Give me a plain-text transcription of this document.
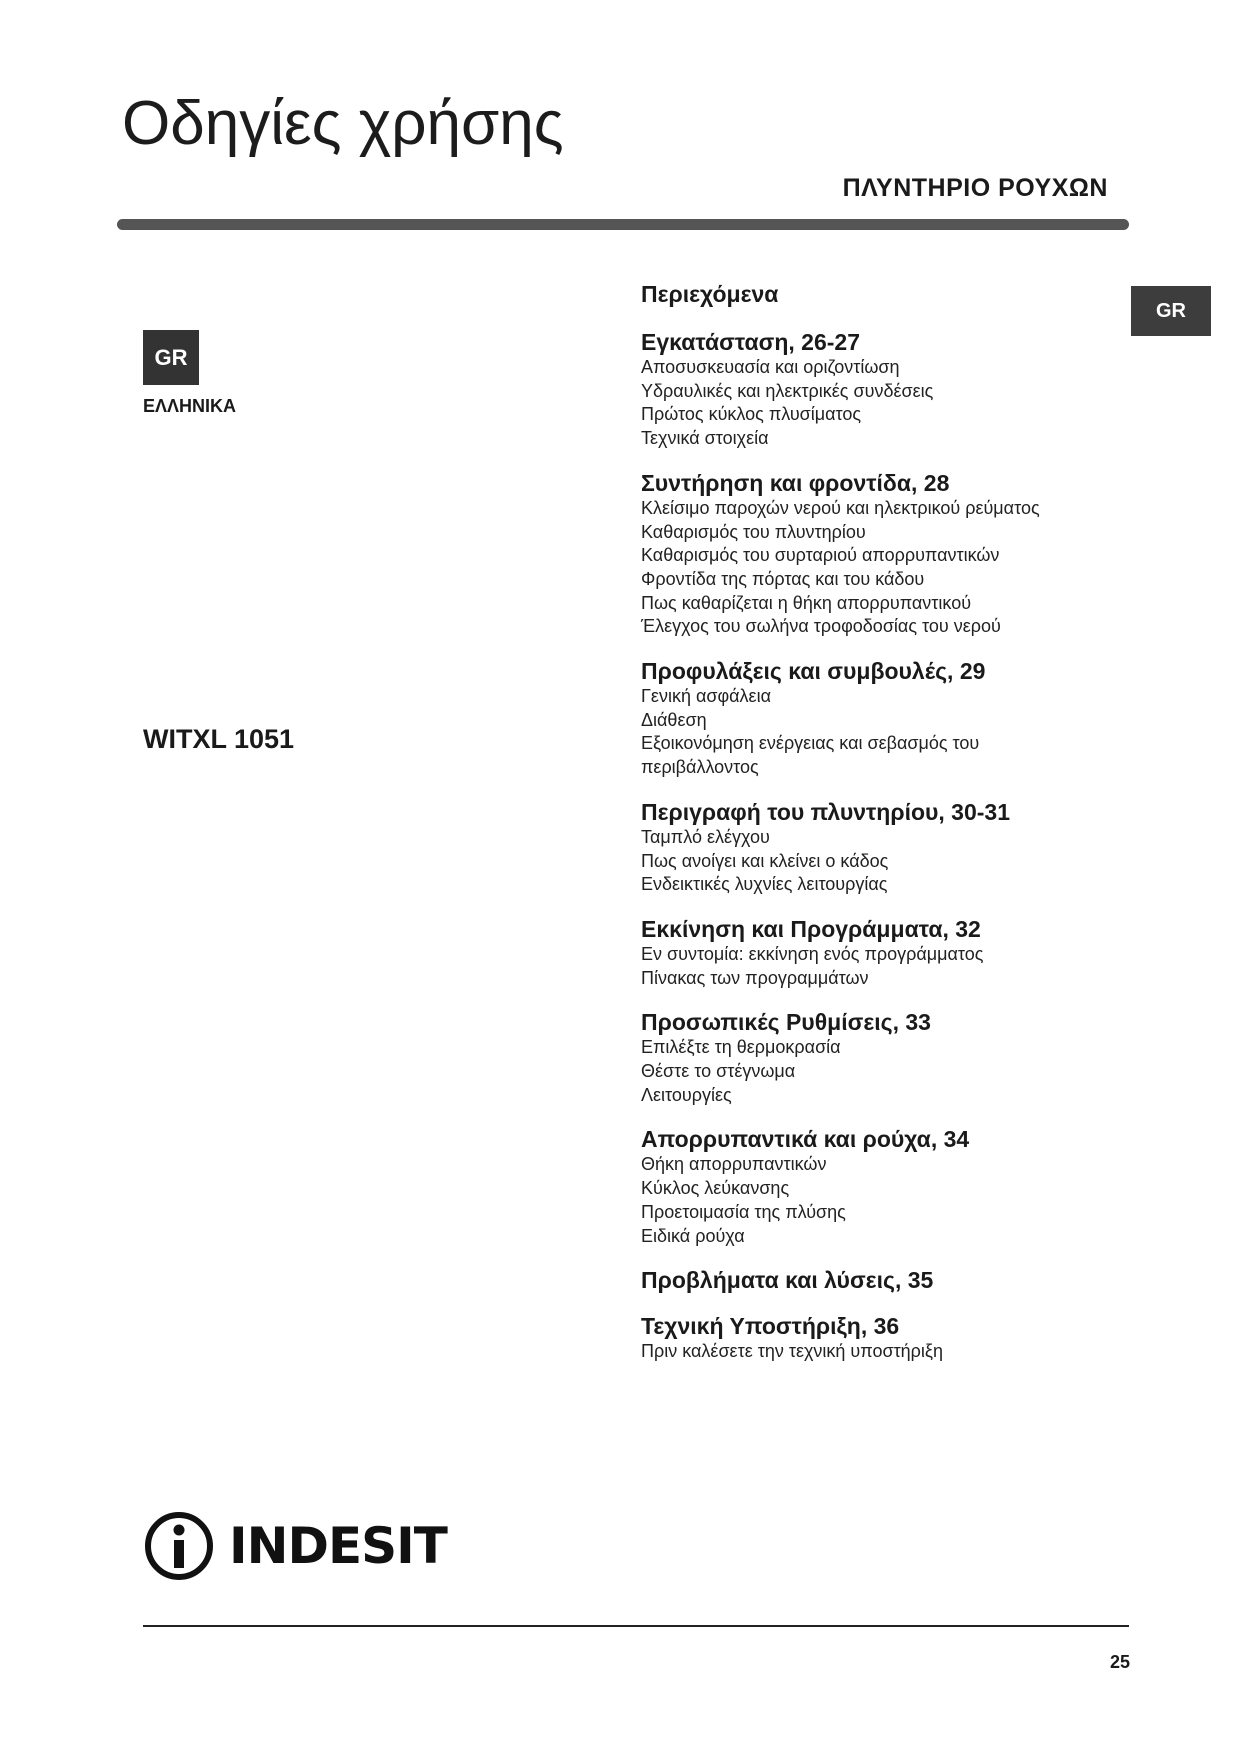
Οδηγίες χρήσης
ΠΛΥΝΤΗΡΙΟ ΡΟΥΧΩΝ
GR
ΕΛΛΗΝΙΚΑ
GR
WITXL 1051
Περιεχόμενα
Εγκατάσταση, 26-27
Αποσυσκευασία και οριζοντίωση
Υδραυλικές και ηλεκτρικές συνδέσεις
Πρώτος κύκλος πλυσίματος
Τεχνικά στοιχεία
Συντήρηση και φροντίδα, 28
Κλείσιμο παροχών νερού και ηλεκτρικού ρεύματος
Καθαρισμός του πλυντηρίου
Καθαρισμός του συρταριού απορρυπαντικών
Φροντίδα της πόρτας και του κάδου
Πως καθαρίζεται η θήκη απορρυπαντικού
Έλεγχος του σωλήνα τροφοδοσίας του νερού
Προφυλάξεις και συμβουλές, 29
Γενική ασφάλεια
Διάθεση
Εξοικονόμηση ενέργειας και σεβασμός του
περιβάλλοντος
Περιγραφή του πλυντηρίου, 30-31
Ταμπλό ελέγχου
Πως ανοίγει και κλείνει ο κάδος
Ενδεικτικές λυχνίες λειτουργίας
Εκκίνηση και Προγράμματα, 32
Εν συντομία: εκκίνηση ενός προγράμματος
Πίνακας των προγραμμάτων
Προσωπικές Ρυθμίσεις, 33
Επιλέξτε τη θερμοκρασία
Θέστε το στέγνωμα
Λειτουργίες
Απορρυπαντικά και ρούχα, 34
Θήκη απορρυπαντικών
Κύκλος λεύκανσης
Προετοιμασία της πλύσης
Ειδικά ρούχα
Προβλήματα και λύσεις, 35
Τεχνική Υποστήριξη, 36
Πριν καλέσετε την τεχνική υποστήριξη
INDESIT
25
